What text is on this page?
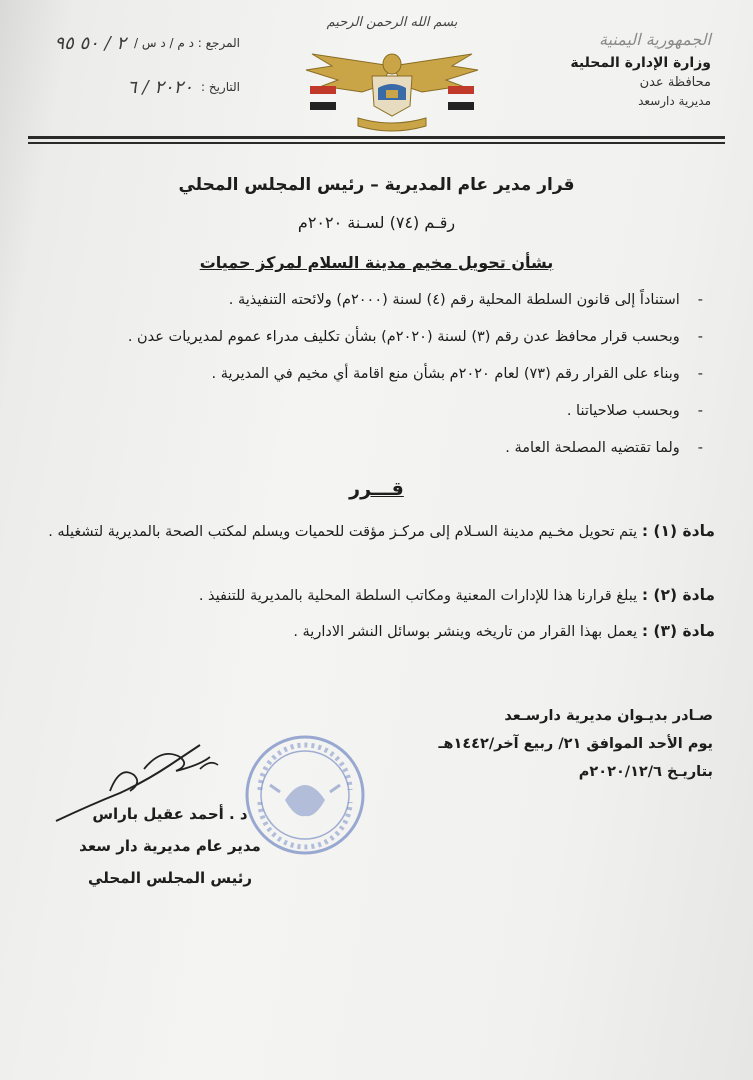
الجمهورية اليمنية
وزارة الإدارة المحلية
محافظة عدن
مديرية دارسعد
المرجع : د م / د س /
٢ / ٥٠ ٩٥
التاريخ :
٢٠٢٠ / ٦
بسم الله الرحمن الرحيم
قرار مدير عام المديرية – رئيس المجلس المحلي
رقـم (٧٤) لسـنة ٢٠٢٠م
بشأن تحويل مخيم مدينة السلام لمركز حميات
-
استناداً إلى قانون السلطة المحلية رقم (٤) لسنة (٢٠٠٠م) ولائحته التنفيذية .
-
وبحسب قرار محافظ عدن رقم (٣) لسنة (٢٠٢٠م) بشأن تكليف مدراء عموم لمديريات عدن .
-
وبناء على القرار رقم (٧٣) لعام ٢٠٢٠م بشأن منع اقامة أي مخيم في المديرية .
-
وبحسب صلاحياتنا .
-
ولما تقتضيه المصلحة العامة .
قـــرر
مادة (١) : يتم تحويل مخـيم مدينة السـلام إلى مركـز مؤقت للحميات ويسلم لمكتب الصحة بالمديرية لتشغيله .
مادة (٢) : يبلغ قرارنا هذا للإدارات المعنية ومكاتب السلطة المحلية بالمديرية للتنفيذ .
مادة (٣) : يعمل بهذا القرار من تاريخه وينشر بوسائل النشر الادارية .
صـادر بديـوان مديرية دارسـعد
يوم الأحد الموافق ٢١/ ربيع آخر/١٤٤٢هـ
بتاريـخ ٢٠٢٠/١٢/٦م
د . أحمد عقيل باراس
مدير عام مديرية دار سعد
رئيس المجلس المحلي
